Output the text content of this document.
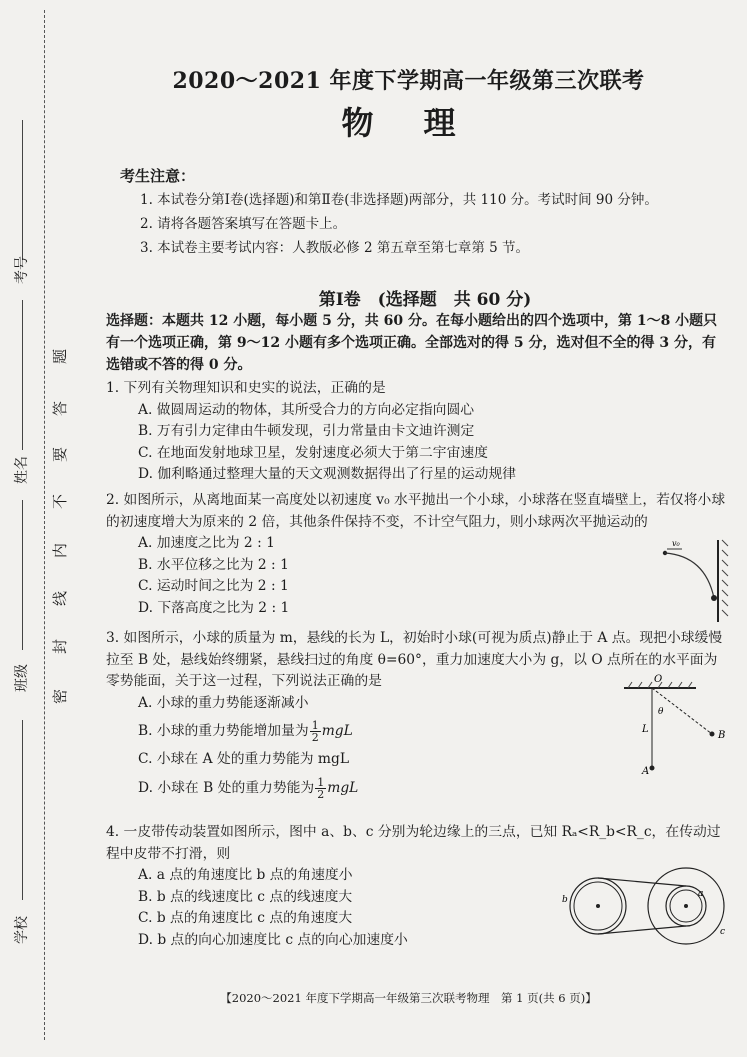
考号
姓名
班级
学校
题
答
要
不
内
线
封
密
2020～2021 年度下学期高一年级第三次联考
物理
考生注意：

1. 本试卷分第Ⅰ卷(选择题)和第Ⅱ卷(非选择题)两部分，共 110 分。考试时间 90 分钟。

2. 请将各题答案填写在答题卡上。

3. 本试卷主要考试内容：人教版必修 2 第五章至第七章第 5 节。

第Ⅰ卷　(选择题　共 60 分)
选择题：本题共 12 小题，每小题 5 分，共 60 分。在每小题给出的四个选项中，第 1～8 小题只有一个选项正确，第 9～12 小题有多个选项正确。全部选对的得 5 分，选对但不全的得 3 分，有选错或不答的得 0 分。

1. 下列有关物理知识和史实的说法，正确的是

A. 做圆周运动的物体，其所受合力的方向必定指向圆心

B. 万有引力定律由牛顿发现，引力常量由卡文迪许测定

C. 在地面发射地球卫星，发射速度必须大于第二宇宙速度

D. 伽利略通过整理大量的天文观测数据得出了行星的运动规律

2. 如图所示，从离地面某一高度处以初速度 v₀ 水平抛出一个小球，小球落在竖直墙壁上，若仅将小球的初速度增大为原来的 2 倍，其他条件保持不变，不计空气阻力，则小球两次平抛运动的

A. 加速度之比为 2 : 1

B. 水平位移之比为 2 : 1

C. 运动时间之比为 2 : 1

D. 下落高度之比为 2 : 1

v₀

3. 如图所示，小球的质量为 m，悬线的长为 L，初始时小球(可视为质点)静止于 A 点。现把小球缓慢拉至 B 处，悬线始终绷紧，悬线扫过的角度 θ=60°，重力加速度大小为 g，以 O 点所在的水平面为零势能面，关于这一过程，下列说法正确的是

A. 小球的重力势能逐渐减小

B. 小球的重力势能增加量为 $\frac{1}{2}$ mgL

C. 小球在 A 处的重力势能为 mgL

D. 小球在 B 处的重力势能为 $\frac{1}{2}$ mgL

O
θ
L
A
B

4. 一皮带传动装置如图所示，图中 a、b、c 分别为轮边缘上的三点，已知 Rₐ<R_b<R_c，在传动过程中皮带不打滑，则

A. a 点的角速度比 b 点的角速度小

B. b 点的线速度比 c 点的线速度大

C. b 点的角速度比 c 点的角速度大

D. b 点的向心加速度比 c 点的向心加速度小

b
a
c
【2020～2021 年度下学期高一年级第三次联考物理　第 1 页(共 6 页)】
